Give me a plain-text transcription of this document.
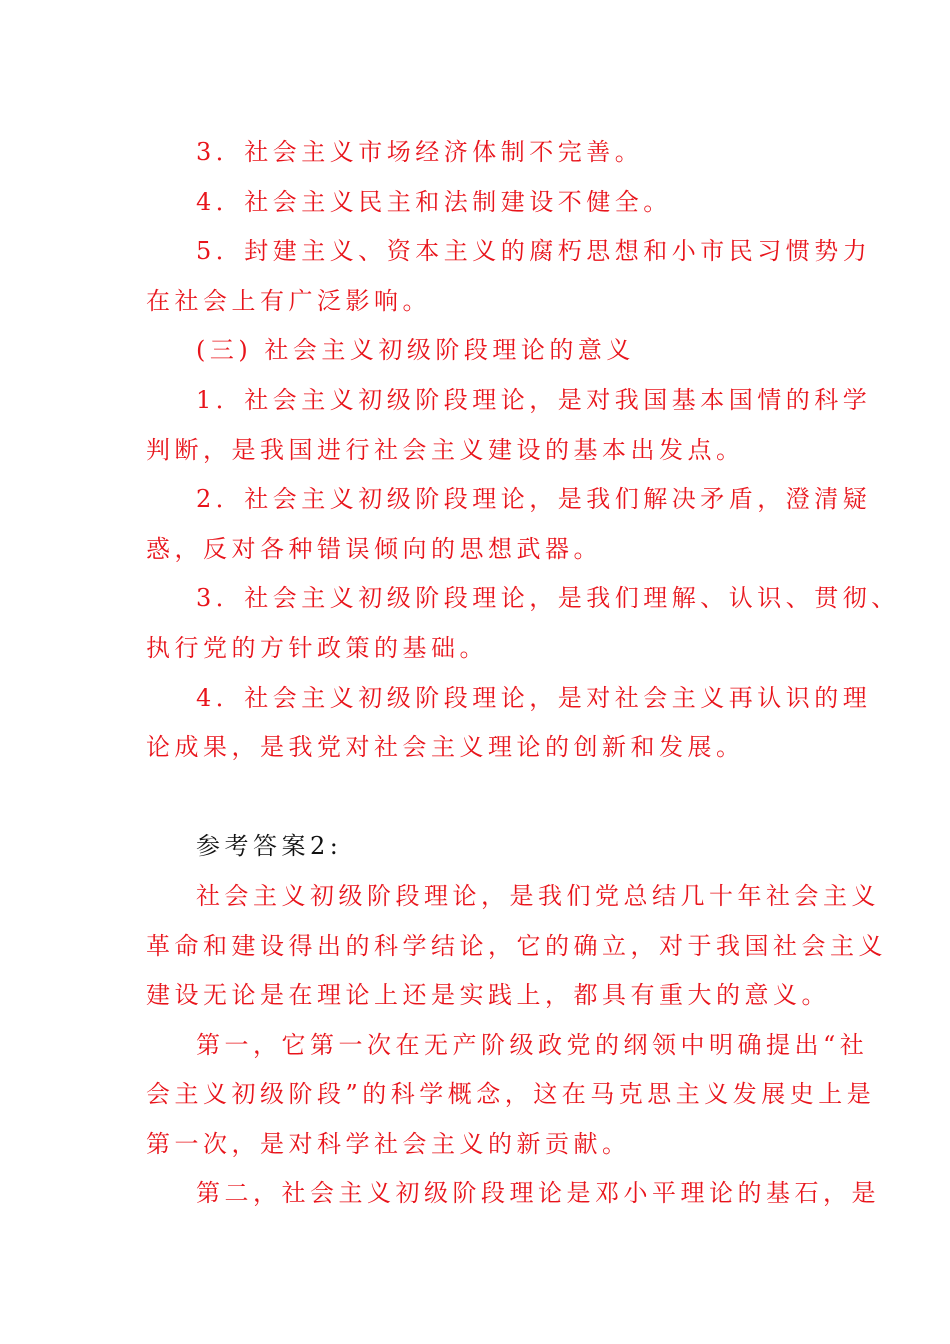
3．社会主义市场经济体制不完善。

4．社会主义民主和法制建设不健全。

5．封建主义、资本主义的腐朽思想和小市民习惯势力

在社会上有广泛影响。

(三) 社会主义初级阶段理论的意义

1．社会主义初级阶段理论，是对我国基本国情的科学

判断，是我国进行社会主义建设的基本出发点。

2．社会主义初级阶段理论，是我们解决矛盾，澄清疑

惑，反对各种错误倾向的思想武器。

3．社会主义初级阶段理论，是我们理解、认识、贯彻、

执行党的方针政策的基础。

4．社会主义初级阶段理论，是对社会主义再认识的理

论成果，是我党对社会主义理论的创新和发展。

参考答案2:

社会主义初级阶段理论，是我们党总结几十年社会主义

革命和建设得出的科学结论，它的确立，对于我国社会主义

建设无论是在理论上还是实践上，都具有重大的意义。

第一，它第一次在无产阶级政党的纲领中明确提出“社

会主义初级阶段”的科学概念，这在马克思主义发展史上是

第一次，是对科学社会主义的新贡献。

第二，社会主义初级阶段理论是邓小平理论的基石，是
